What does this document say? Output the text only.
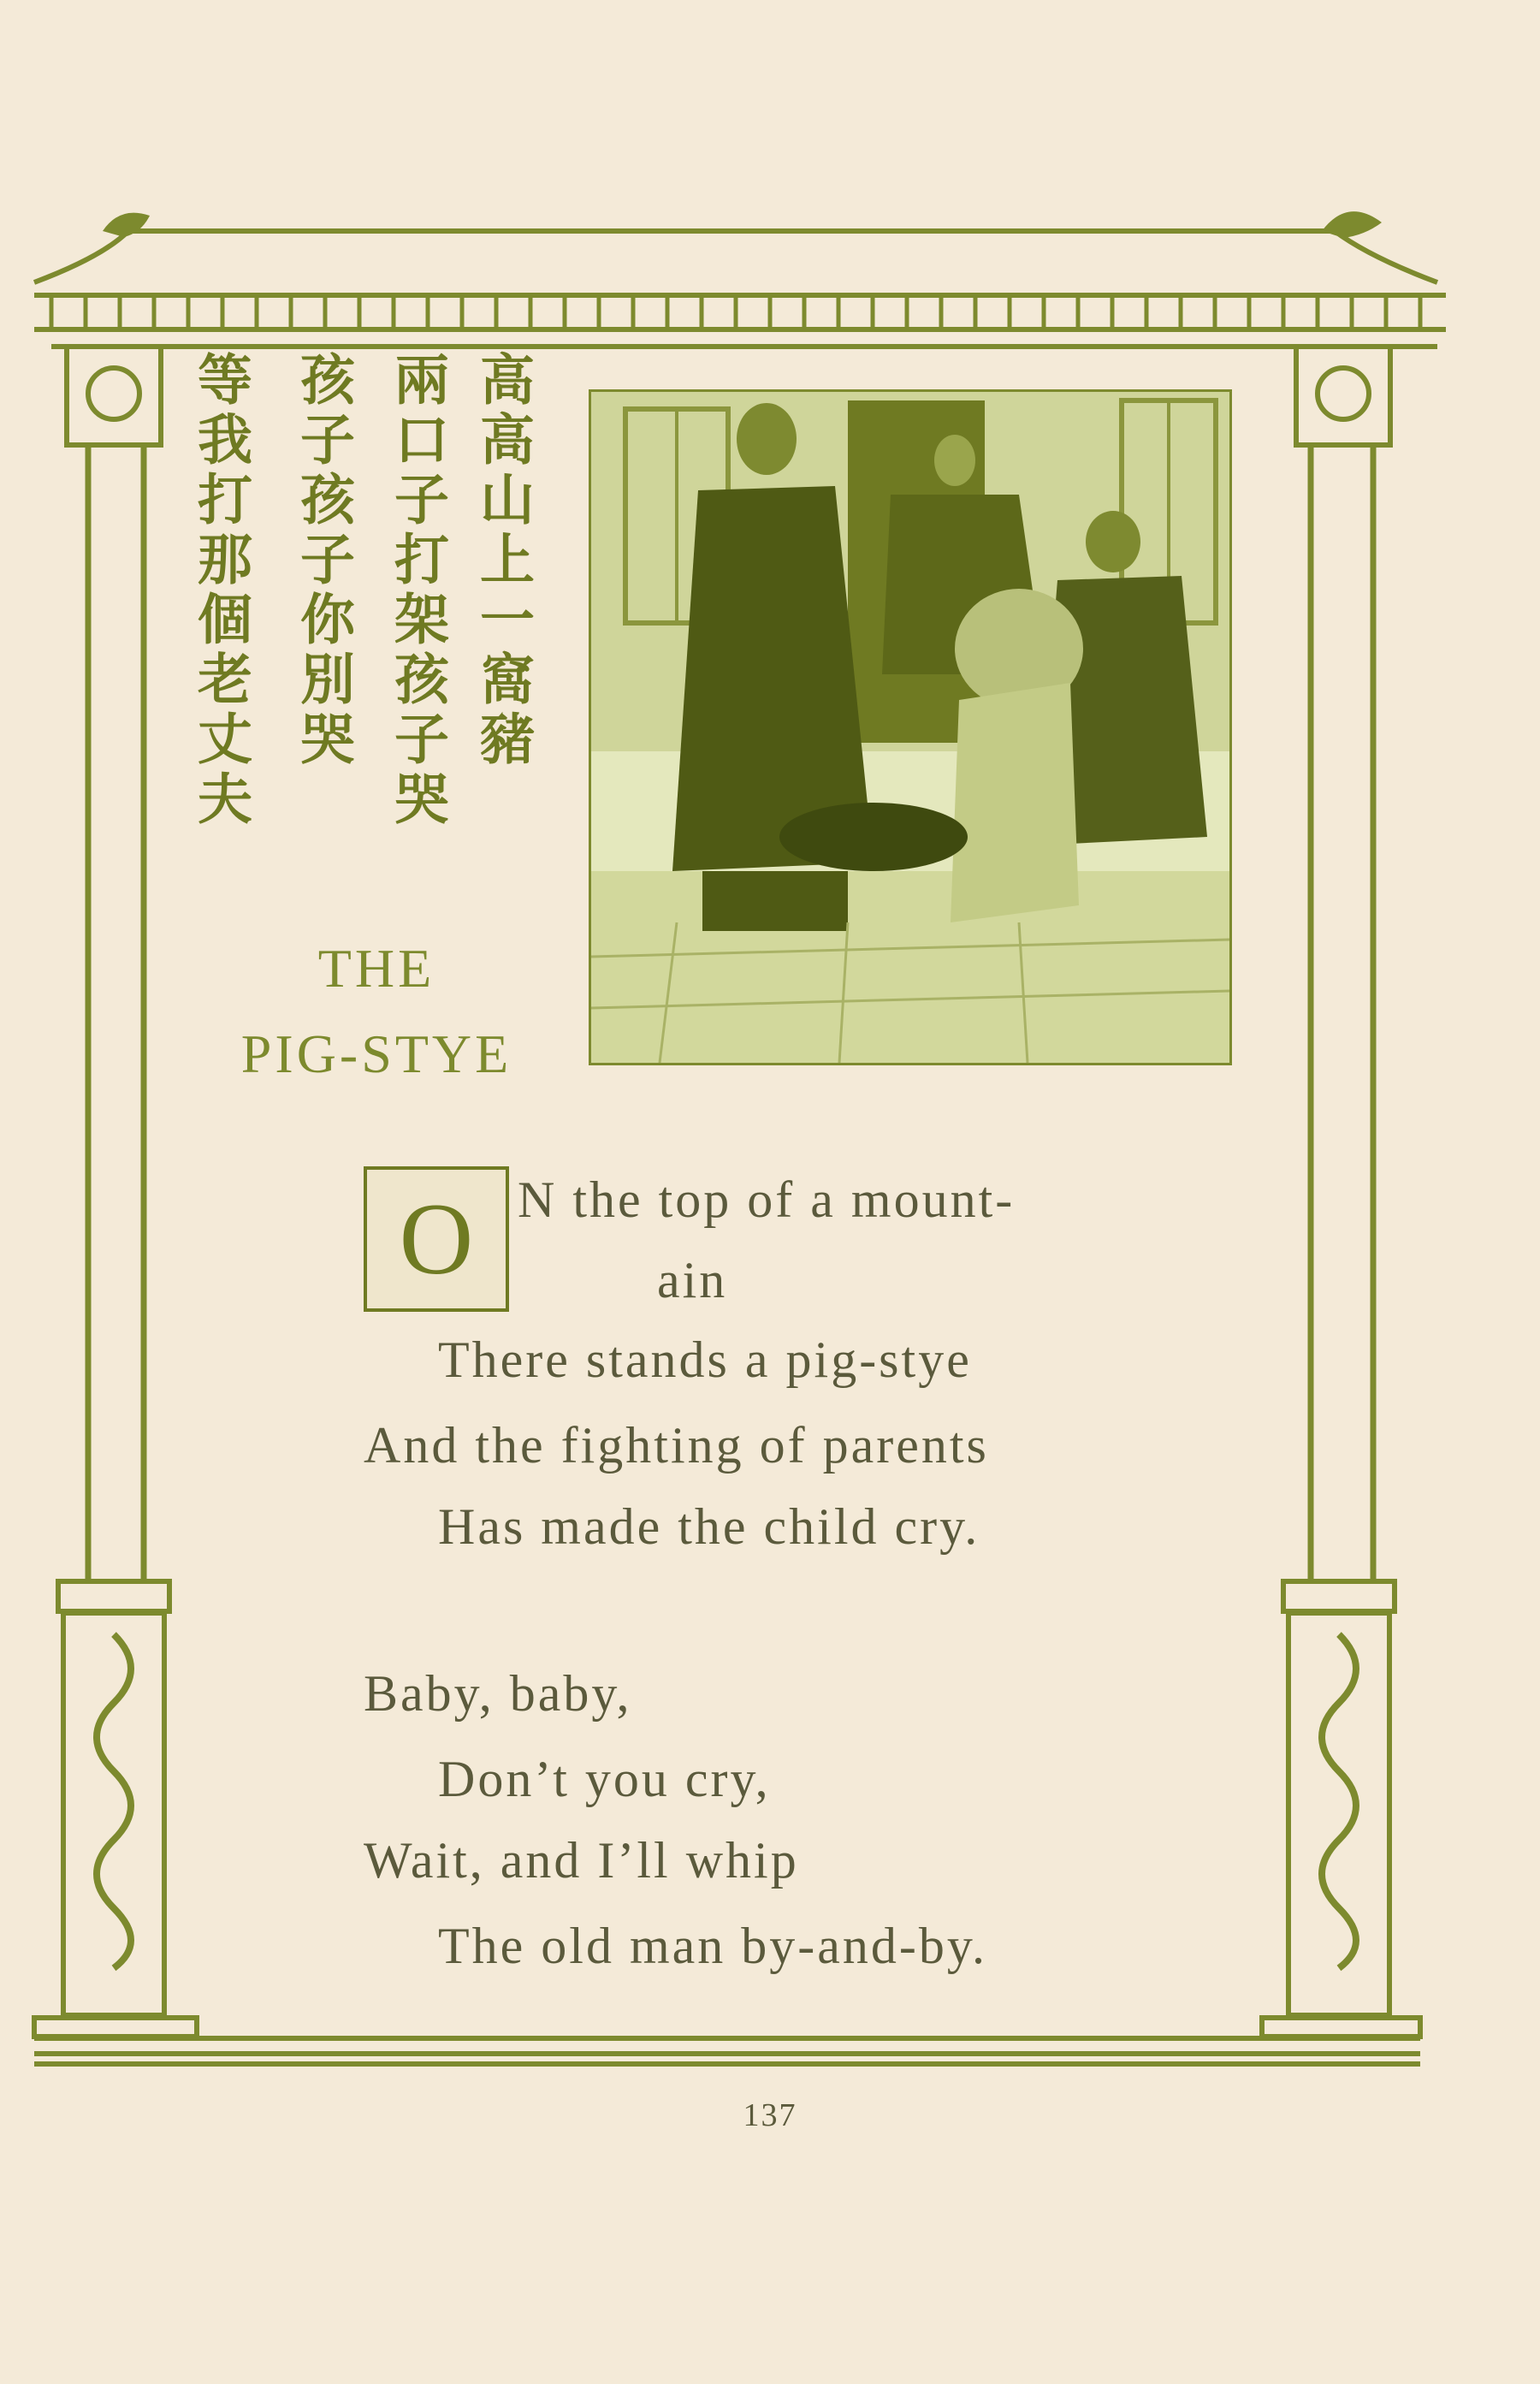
高高山上一窩豬
兩口子打架孩子哭
孩子孩子你別哭
等我打那個老丈夫
THE
PIG-STYE
O N the top of a mount-
ain
There stands a pig-stye
And the fighting of parents
Has made the child cry.
Baby, baby,
Don’t you cry,
Wait, and I’ll whip
The old man by-and-by.
137
